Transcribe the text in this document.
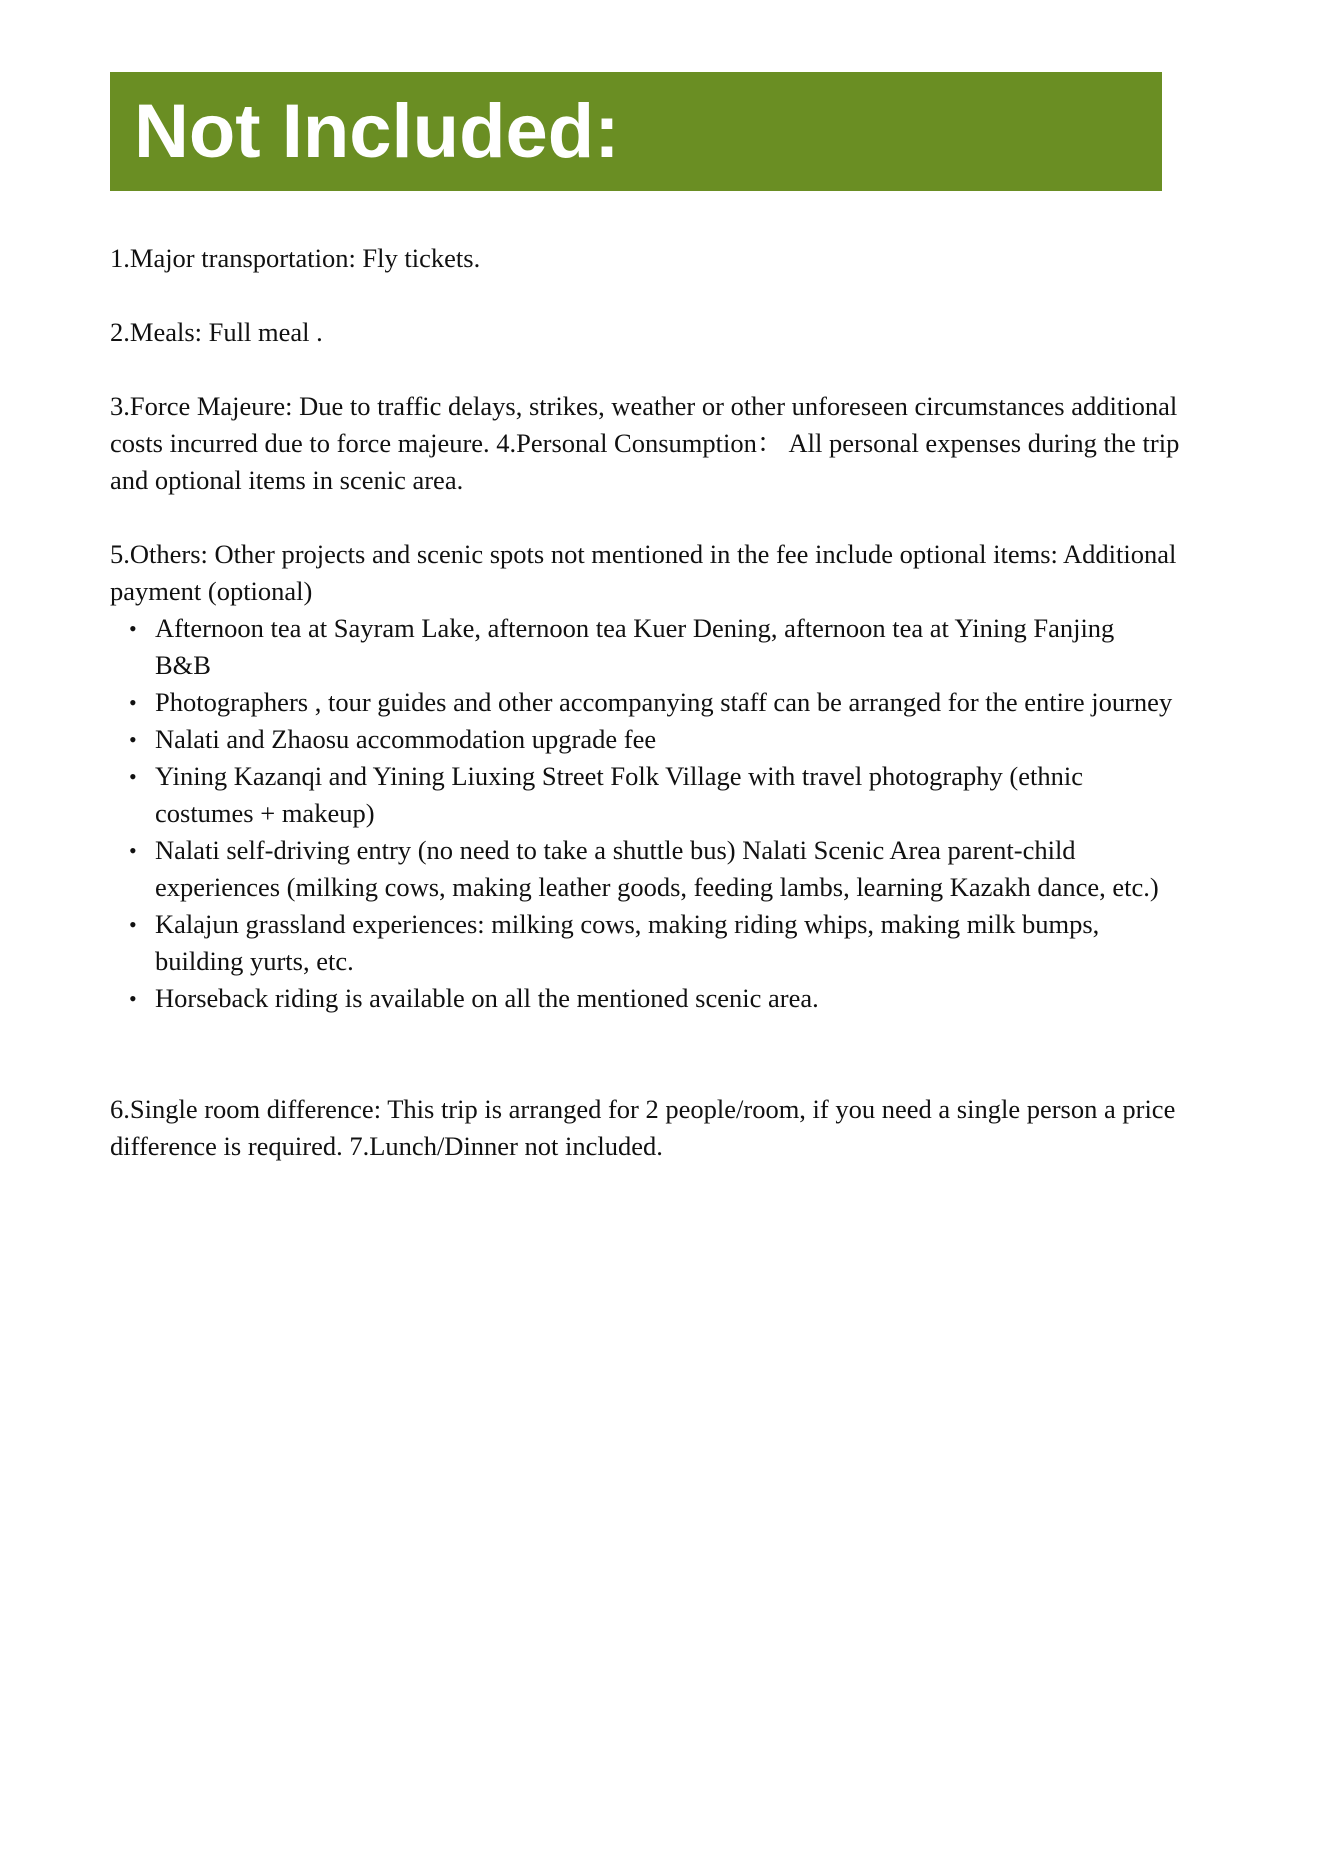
Not Included:

1.Major transportation: Fly tickets.

2.Meals: Full meal .

3.Force Majeure: Due to traffic delays, strikes, weather or other unforeseen circumstances additional costs incurred due to force majeure. 4.Personal Consumption： All personal expenses during the trip and optional items in scenic area.

5.Others: Other projects and scenic spots not mentioned in the fee include optional items: Additional payment (optional)

• Afternoon tea at Sayram Lake, afternoon tea Kuer Dening, afternoon tea at Yining Fanjing B&B
• Photographers , tour guides and other accompanying staff can be arranged for the entire journey
• Nalati and Zhaosu accommodation upgrade fee
• Yining Kazanqi and Yining Liuxing Street Folk Village with travel photography (ethnic costumes + makeup)
• Nalati self-driving entry (no need to take a shuttle bus) Nalati Scenic Area parent-child experiences (milking cows, making leather goods, feeding lambs, learning Kazakh dance, etc.)
• Kalajun grassland experiences: milking cows, making riding whips, making milk bumps, building yurts, etc.
• Horseback riding is available on all the mentioned scenic area.

6.Single room difference: This trip is arranged for 2 people/room, if you need a single person a price difference is required. 7.Lunch/Dinner not included.
